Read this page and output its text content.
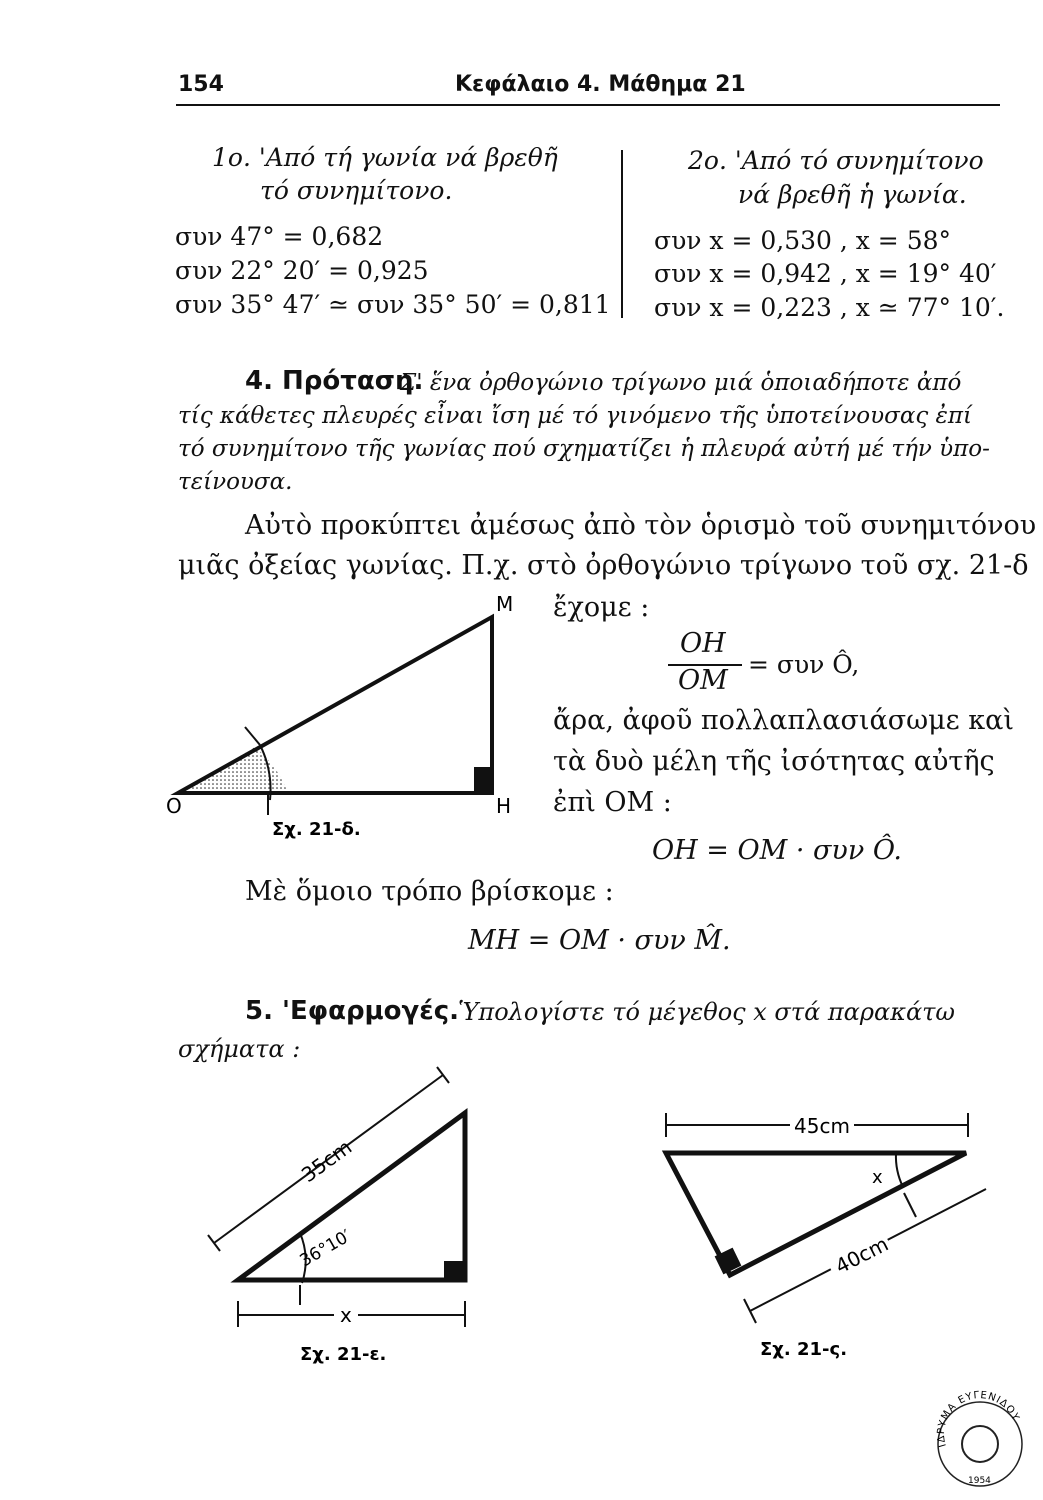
154	Κεφάλαιο 4. Μάθημα 21
1ο. 'Από τή γωνία νά βρεθῆ
τό συνημίτονο.
συν 47° = 0,682
συν 22° 20′ = 0,925
συν 35° 47′ ≃ συν 35° 50′ = 0,811
2ο. 'Από τό συνημίτονο
νά βρεθῆ ἡ γωνία.
συν x = 0,530 , x = 58°
συν x = 0,942 , x = 19° 40′
συν x = 0,223 , x ≃ 77° 10′.
4. Πρόταση.
Σ' ἕνα ὀρθογώνιο τρίγωνο μιά ὁποιαδήποτε ἀπό
τίς κάθετες πλευρές εἶναι ἴση μέ τό γινόμενο τῆς ὑποτείνουσας ἐπί
τό συνημίτονο τῆς γωνίας πού σχηματίζει ἡ πλευρά αὐτή μέ τήν ὑπο-
τείνουσα.
Αὐτὸ προκύπτει ἀμέσως ἀπὸ τὸν ὁρισμὸ τοῦ συνημιτόνου
μιᾶς ὀξείας γωνίας. Π.χ. στὸ ὀρθογώνιο τρίγωνο τοῦ σχ. 21-δ
ἔχομε :
OH
OM
= συν Ô,
ἄρα, ἀφοῦ πολλαπλασιάσωμε καὶ
τὰ δυὸ μέλη τῆς ἰσότητας αὐτῆς
ἐπὶ OM :
OH = OM · συν Ô.
Μὲ ὅμοιο τρόπο βρίσκομε :
MH = OM · συν M̂.
M
O	H
Σχ. 21-δ.
5. 'Εφαρμογές.
Ὑπολογίστε τό μέγεθος x στά παρακάτω
σχήματα :
35cm
36°10′
x
Σχ. 21-ε.
45cm
x
40cm
Σχ. 21-ς.
ΙΔΡΥΜΑ ΕΥΓΕΝΙΔΟΥ
1954
